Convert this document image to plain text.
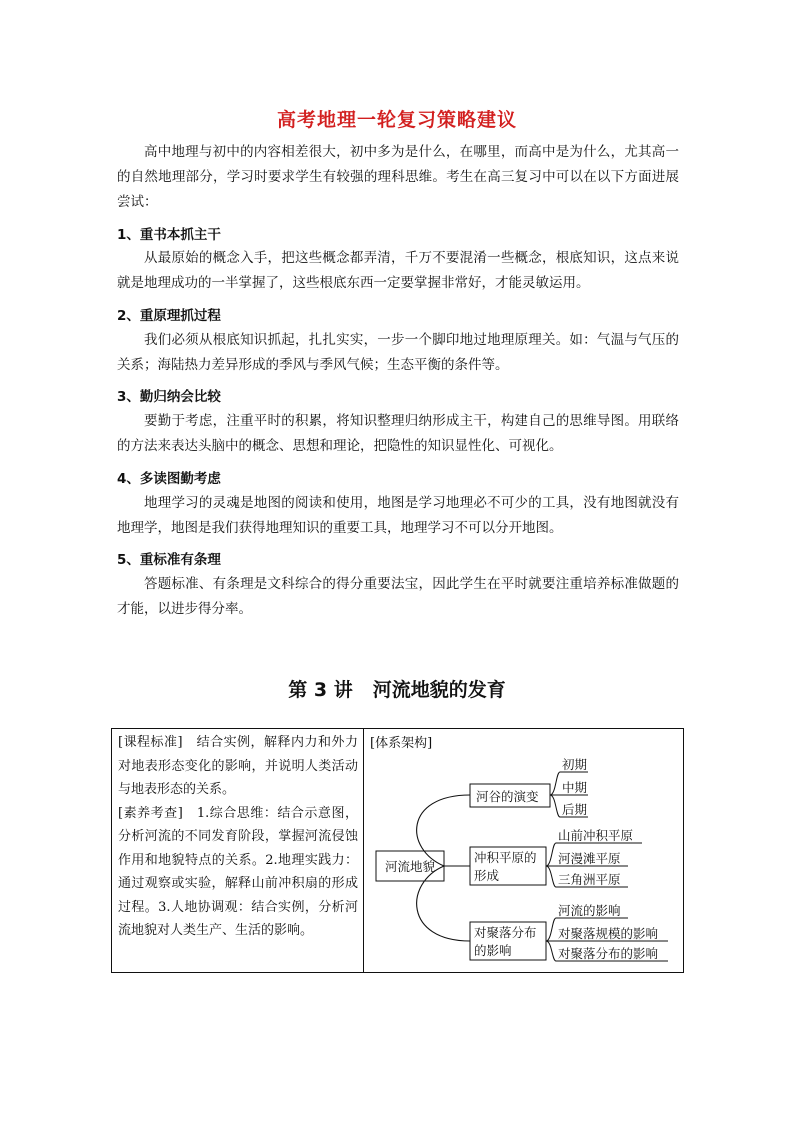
高考地理一轮复习策略建议
高中地理与初中的内容相差很大，初中多为是什么，在哪里，而高中是为什么，尤其高一的自然地理部分，学习时要求学生有较强的理科思维。考生在高三复习中可以在以下方面进展尝试：
1、重书本抓主干
从最原始的概念入手，把这些概念都弄清，千万不要混淆一些概念，根底知识，这点来说就是地理成功的一半掌握了，这些根底东西一定要掌握非常好，才能灵敏运用。
2、重原理抓过程
我们必须从根底知识抓起，扎扎实实，一步一个脚印地过地理原理关。如：气温与气压的关系；海陆热力差异形成的季风与季风气候；生态平衡的条件等。
3、勤归纳会比较
要勤于考虑，注重平时的积累，将知识整理归纳形成主干，构建自己的思维导图。用联络的方法来表达头脑中的概念、思想和理论，把隐性的知识显性化、可视化。
4、多读图勤考虑
地理学习的灵魂是地图的阅读和使用，地图是学习地理必不可少的工具，没有地图就没有地理学，地图是我们获得地理知识的重要工具，地理学习不可以分开地图。
5、重标准有条理
答题标准、有条理是文科综合的得分重要法宝，因此学生在平时就要注重培养标准做题的才能，以进步得分率。
第 3 讲 河流地貌的发育
[课程标准]　结合实例，解释内力和外力对地表形态变化的影响，并说明人类活动与地表形态的关系。
[素养考查]　1.综合思维：结合示意图，分析河流的不同发育阶段，掌握河流侵蚀作用和地貌特点的关系。2.地理实践力：通过观察或实验，解释山前冲积扇的形成过程。3.人地协调观：结合实例，分析河流地貌对人类生产、生活的影响。
[体系架构]
河流地貌
河谷的演变
初期
中期
后期
冲积平原的
形成
山前冲积平原
河漫滩平原
三角洲平原
对聚落分布
的影响
河流的影响
对聚落规模的影响
对聚落分布的影响
